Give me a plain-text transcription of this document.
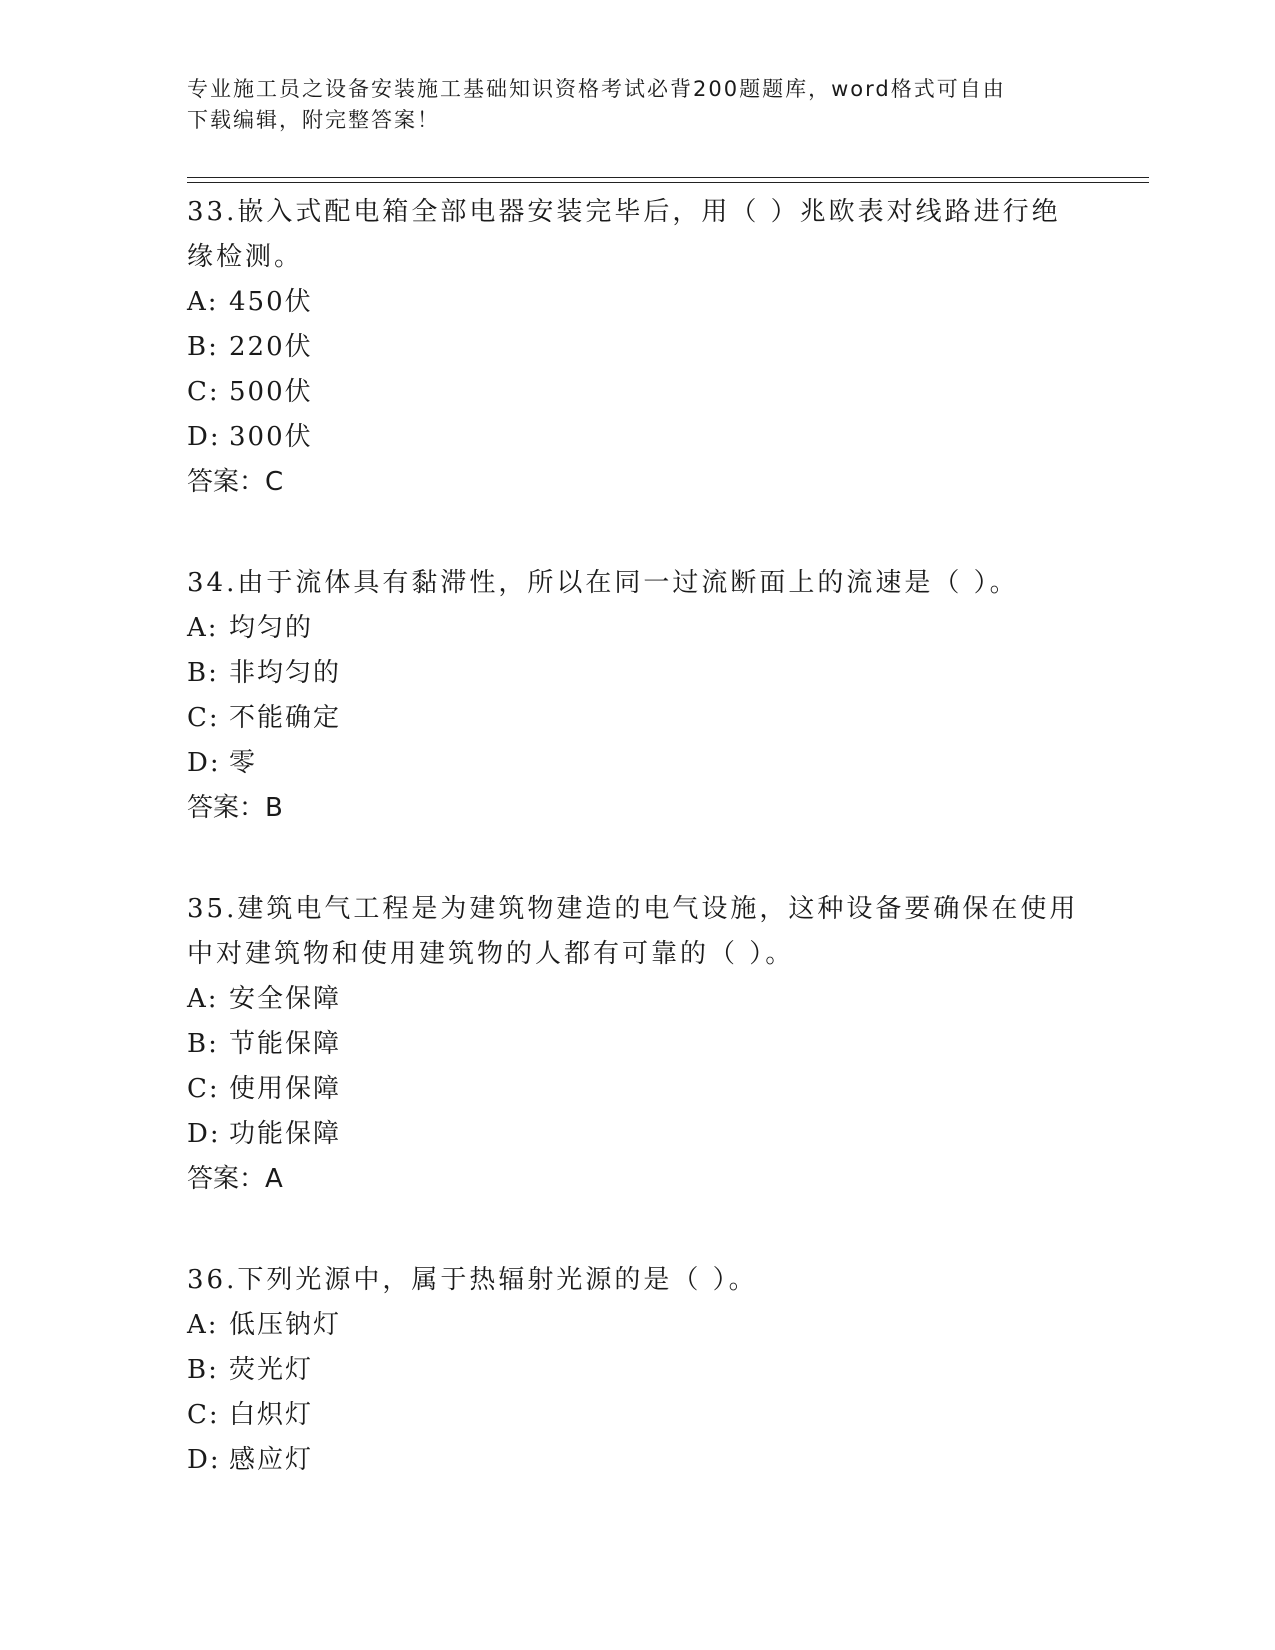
专业施工员之设备安装施工基础知识资格考试必背200题题库，word格式可自由
下载编辑，附完整答案！

33.嵌入式配电箱全部电器安装完毕后，用（ ）兆欧表对线路进行绝

缘检测。

A: 450伏

B: 220伏

C: 500伏

D: 300伏

答案：C

34.由于流体具有黏滞性，所以在同一过流断面上的流速是（ ）。

A: 均匀的

B: 非均匀的

C: 不能确定

D: 零

答案：B

35.建筑电气工程是为建筑物建造的电气设施，这种设备要确保在使用

中对建筑物和使用建筑物的人都有可靠的（ ）。

A: 安全保障

B: 节能保障

C: 使用保障

D: 功能保障

答案：A

36.下列光源中，属于热辐射光源的是（ ）。

A: 低压钠灯

B: 荧光灯

C: 白炽灯

D: 感应灯
